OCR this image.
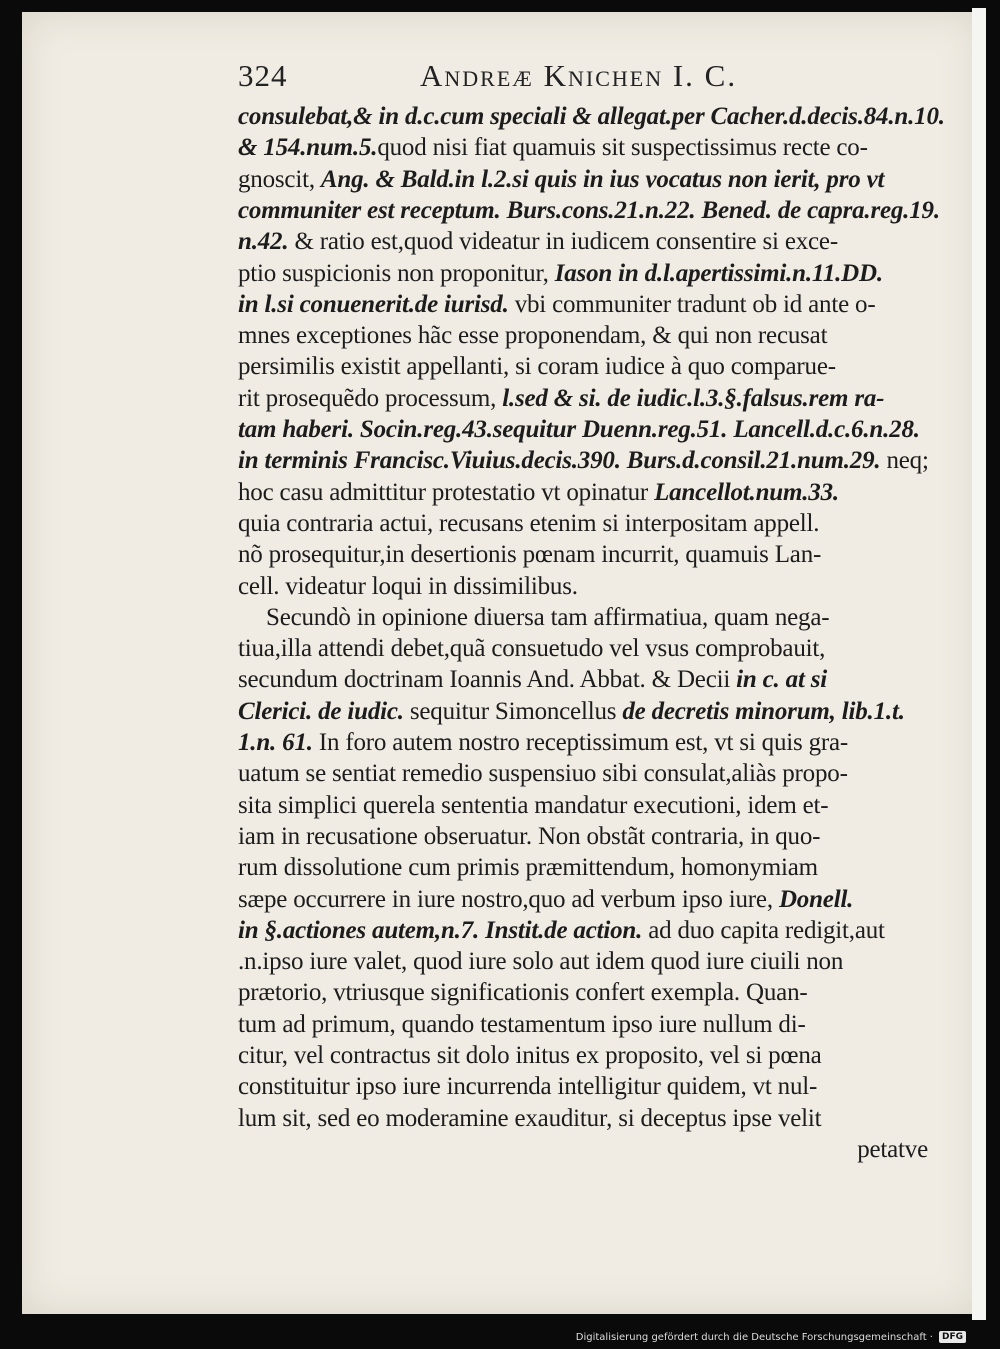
324	Andreæ Knichen I. C.
consulebat,& in d.c.cum speciali & allegat.per Cacher.d.decis.84.n.10.
& 154.num.5.quod nisi fiat quamuis sit suspectissimus recte co-
gnoscit, Ang. & Bald.in l.2.si quis in ius vocatus non ierit, pro vt
communiter est receptum. Burs.cons.21.n.22. Bened. de capra.reg.19.
n.42. & ratio est,quod videatur in iudicem consentire si exce-
ptio suspicionis non proponitur, Iason in d.l.apertissimi.n.11.DD.
in l.si conuenerit.de iurisd. vbi communiter tradunt ob id ante o-
mnes exceptiones hãc esse proponendam, & qui non recusat
persimilis existit appellanti, si coram iudice à quo comparue-
rit prosequẽdo processum, l.sed & si. de iudic.l.3.§.falsus.rem ra-
tam haberi. Socin.reg.43.sequitur Duenn.reg.51. Lancell.d.c.6.n.28.
in terminis Francisc.Viuius.decis.390. Burs.d.consil.21.num.29. neq;
hoc casu admittitur protestatio vt opinatur Lancellot.num.33.
quia contraria actui, recusans etenim si interpositam appell.
nõ prosequitur,in desertionis pœnam incurrit, quamuis Lan-
cell. videatur loqui in dissimilibus.
Secundò in opinione diuersa tam affirmatiua, quam nega-
tiua,illa attendi debet,quã consuetudo vel vsus comprobauit,
secundum doctrinam Ioannis And. Abbat. & Decii in c. at si
Clerici. de iudic. sequitur Simoncellus de decretis minorum, lib.1.t.
1.n. 61. In foro autem nostro receptissimum est, vt si quis gra-
uatum se sentiat remedio suspensiuo sibi consulat,aliàs propo-
sita simplici querela sententia mandatur executioni, idem et-
iam in recusatione obseruatur. Non obstãt contraria, in quo-
rum dissolutione cum primis præmittendum, homonymiam
sæpe occurrere in iure nostro,quo ad verbum ipso iure, Donell.
in §.actiones autem,n.7. Instit.de action. ad duo capita redigit,aut
.n.ipso iure valet, quod iure solo aut idem quod iure ciuili non
prætorio, vtriusque significationis confert exempla. Quan-
tum ad primum, quando testamentum ipso iure nullum di-
citur, vel contractus sit dolo initus ex proposito, vel si pœna
constituitur ipso iure incurrenda intelligitur quidem, vt nul-
lum sit, sed eo moderamine exauditur, si deceptus ipse velit
petatve
Digitalisierung gefördert durch die Deutsche Forschungsgemeinschaft ·	DFG
